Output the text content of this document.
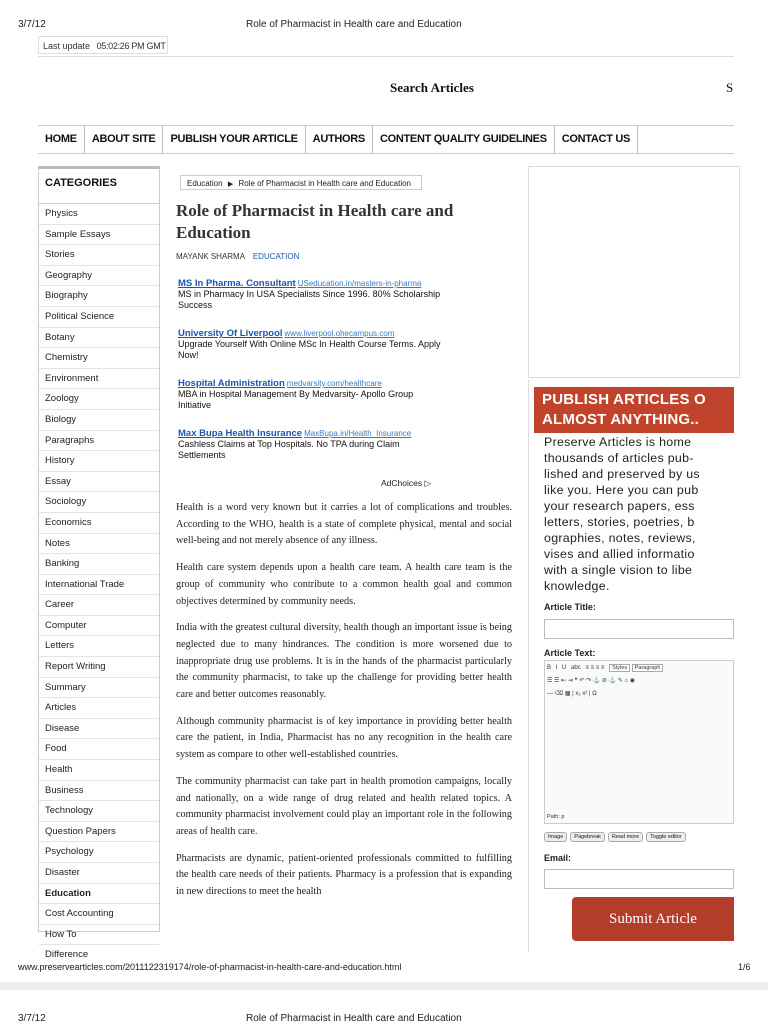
3/7/12	Role of Pharmacist in Health care and Education
Last update 05:02:26 PM GMT
Search Articles	S
HOME	ABOUT SITE	PUBLISH YOUR ARTICLE	AUTHORS	CONTENT QUALITY GUIDELINES	CONTACT US
CATEGORIES
Physics
Sample Essays
Stories
Geography
Biography
Political Science
Botany
Chemistry
Environment
Zoology
Biology
Paragraphs
History
Essay
Sociology
Economics
Notes
Banking
International Trade
Career
Computer
Letters
Report Writing
Summary
Articles
Disease
Food
Health
Business
Technology
Question Papers
Psychology
Disaster
Education
Cost Accounting
How To
Difference
Education ▶ Role of Pharmacist in Health care and Education
Role of Pharmacist in Health care and Education
MAYANK SHARMA EDUCATION
MS In Pharma. Consultant USeducation.in/masters-in-pharma
MS in Pharmacy In USA Specialists Since 1996. 80% Scholarship Success
University Of Liverpool www.liverpool.ohecampus.com
Upgrade Yourself With Online MSc In Health Course Terms. Apply Now!
Hospital Administration medvarsity.com/healthcare
MBA in Hospital Management By Medvarsity- Apollo Group Initiative
Max Bupa Health Insurance MaxBupa.in/Health_Insurance
Cashless Claims at Top Hospitals. No TPA during Claim Settlements
AdChoices ▷

Health is a word very known but it carries a lot of complications and troubles. According to the WHO, health is a state of complete physical, mental and social well-being and not merely absence of any illness.

Health care system depends upon a health care team. A health care team is the group of community who contribute to a common health goal and common objectives determined by community needs.

India with the greatest cultural diversity, health though an important issue is being neglected due to many hindrances. The condition is more worsened due to inappropriate drug use problems. It is in the hands of the pharmacist particularly the community pharmacist, to take up the challenge for providing better health care and better outcomes reasonably.

Although community pharmacist is of key importance in providing better health care the patient, in India, Pharmacist has no any recognition in the health care system as compare to other well-established countries.

The community pharmacist can take part in health promotion campaigns, locally and nationally, on a wide range of drug related and health related topics. A community pharmacist involvement could play an important role in the following areas of health care.

Pharmacists are dynamic, patient-oriented professionals committed to fulfilling the health care needs of their patients. Pharmacy is a profession that is expanding in new directions to meet the health

PUBLISH ARTICLES O
ALMOST ANYTHING..
Preserve Articles is home
thousands of articles pub-
lished and preserved by us
like you. Here you can pub
your research papers, ess
letters, stories, poetries, b
ographies, notes, reviews,
vises and allied informatio
with a single vision to libe
knowledge.
Article Title:
Article Text:
B I U abc ≡ ≡ ≡ ≡ Styles Paragraph
☰ ☰ ⇤ ⇥ ❝ ↶ ↷ ⚓ ⊘ ⚓ ✎ ⌂ ◉
— ⌫ ▦ | x₂ x² | Ω
Path: p
Image	Pagebreak	Read more	Toggle editor
Email:
Submit Article
www.preservearticles.com/2011122319174/role-of-pharmacist-in-health-care-and-education.html	1/6
3/7/12	Role of Pharmacist in Health care and Education
